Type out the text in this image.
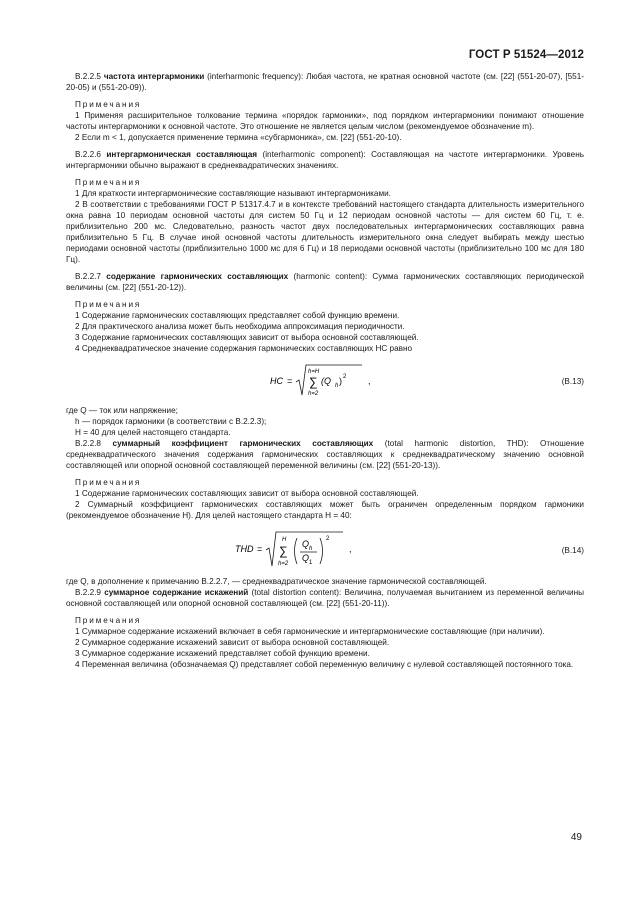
ГОСТ Р 51524—2012

В.2.2.5 частота интергармоники (interharmonic frequency): Любая частота, не кратная основной частоте (см. [22] (551-20-07), [551-20-05) и (551-20-09)).

Примечания

1 Применяя расширительное толкование термина «порядок гармоники», под порядком интергармоники понимают отношение частоты интергармоники к основной частоте. Это отношение не является целым числом (рекомендуемое обозначение m).

2 Если m < 1, допускается применение термина «субгармоника», см. [22] (551-20-10).

В.2.2.6 интергармоническая составляющая (interharmonic component): Составляющая на частоте интергармоники. Уровень интергармоники обычно выражают в среднеквадратических значениях.

Примечания

1 Для краткости интергармонические составляющие называют интергармониками.

2 В соответствии с требованиями ГОСТ Р 51317.4.7 и в контексте требований настоящего стандарта длительность измерительного окна равна 10 периодам основной частоты для систем 50 Гц и 12 периодам основной частоты — для систем 60 Гц, т. е. приблизительно 200 мс. Следовательно, разность частот двух последовательных интергармонических составляющих равна приблизительно 5 Гц. В случае иной основной частоты длительность измерительного окна следует выбирать между шестью периодами основной частоты (приблизительно 1000 мс для 6 Гц) и 18 периодами основной частоты (приблизительно 100 мс для 180 Гц).

В.2.2.7 содержание гармонических составляющих (harmonic content): Сумма гармонических составляющих периодической величины (см. [22] (551-20-12)).

Примечания

1 Содержание гармонических составляющих представляет собой функцию времени.

2 Для практического анализа может быть необходима аппроксимация периодичности.

3 Содержание гармонических составляющих зависит от выбора основной составляющей.

4 Среднеквадратическое значение содержания гармонических составляющих HC равно

HC =
h=H
∑
h=2
(Q h ) 2 ,	(B.13)

где Q — ток или напряжение;

h — порядок гармоники (в соответствии с В.2.2.3);

H = 40 для целей настоящего стандарта.

В.2.2.8 суммарный коэффициент гармонических составляющих (total harmonic distortion, THD): Отношение среднеквадратического значения содержания гармонических составляющих к среднеквадратическому значению основной составляющей или опорной основной составляющей переменной величины (см. [22] (551-20-13)).

Примечания

1 Содержание гармонических составляющих зависит от выбора основной составляющей.

2 Суммарный коэффициент гармонических составляющих может быть ограничен определенным порядком гармоники (рекомендуемое обозначение H). Для целей настоящего стандарта H = 40:

THD =
H
∑
h=2
Q h
Q 1
2
,	(B.14)

где Q, в дополнение к примечанию В.2.2.7, — среднеквадратическое значение гармонической составляющей.

В.2.2.9 суммарное содержание искажений (total distortion content): Величина, получаемая вычитанием из переменной величины основной составляющей или опорной основной составляющей (см. [22] (551-20-11)).

Примечания

1 Суммарное содержание искажений включает в себя гармонические и интергармонические составляющие (при наличии).

2 Суммарное содержание искажений зависит от выбора основной составляющей.

3 Суммарное содержание искажений представляет собой функцию времени.

4 Переменная величина (обозначаемая Q) представляет собой переменную величину с нулевой составляющей постоянного тока.

49
